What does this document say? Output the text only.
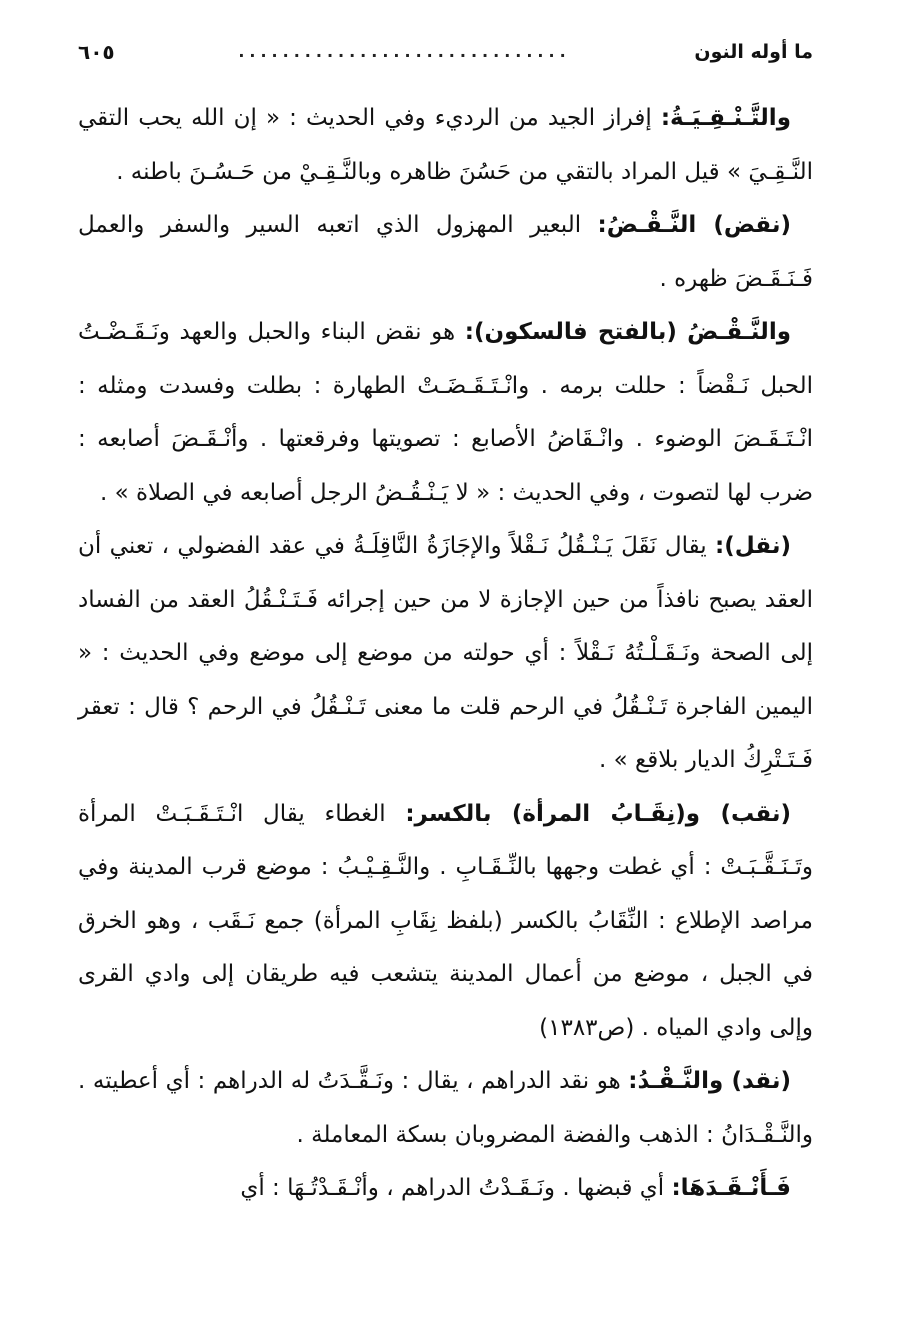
ما أوله النون
..............................
٦٠٥

والتَّـنْـقِـيَـةُ: إفراز الجيد من الرديء وفي الحديث : « إن الله يحب التقي النَّـقِـيَ » قيل المراد بالتقي من حَسُنَ ظاهره وبالنَّـقِـيْ من حَـسُـنَ باطنه .

(نقض) النَّـقْـضُ: البعير المهزول الذي اتعبه السير والسفر والعمل فَـنَـقَـضَ ظهره .

والنَّـقْـضُ (بالفتح فالسكون): هو نقض البناء والحبل والعهد ونَـقَـضْـتُ الحبل نَـقْضاً : حللت برمه . وانْـتَـقَـضَـتْ الطهارة : بطلت وفسدت ومثله : انْـتَـقَـضَ الوضوء . وانْـقَاضُ الأصابع : تصويتها وفرقعتها . وأنْـقَـضَ أصابعه : ضرب لها لتصوت ، وفي الحديث : « لا يَـنْـقُـضُ الرجل أصابعه في الصلاة » .

(نقل): يقال نَقَلَ يَـنْـقُلُ نَـقْلاً والإجَازَةُ النَّاقِلَـةُ في عقد الفضولي ، تعني أن العقد يصبح نافذاً من حين الإجازة لا من حين إجرائه فَـتَـنْـقُلُ العقد من الفساد إلى الصحة ونَـقَـلْـتُهُ نَـقْلاً : أي حولته من موضع إلى موضع وفي الحديث : « اليمين الفاجرة تَـنْـقُلُ في الرحم قلت ما معنى تَـنْـقُلُ في الرحم ؟ قال : تعقر فَـتَـتْرِكُ الديار بلاقع » .

(نقب) و(نِقَـابُ المرأة) بالكسر: الغطاء يقال انْـتَـقَـبَـتْ المرأة وتَـنَـقَّـبَـتْ : أي غطت وجهها بالنِّـقَـابِ . والنَّـقِـيْـبُ : موضع قرب المدينة وفي مراصد الإطلاع : النِّقَابُ بالكسر (بلفظ نِقَابِ المرأة) جمع نَـقَب ، وهو الخرق في الجبل ، موضع من أعمال المدينة يتشعب فيه طريقان إلى وادي القرى وإلى وادي المياه . (ص١٣٨٣)

(نقد) والنَّـقْـدُ: هو نقد الدراهم ، يقال : ونَـقَّـدَتُ له الدراهم : أي أعطيته . والنَّـقْـدَانُ : الذهب والفضة المضروبان بسكة المعاملة .

فَـأَنْـقَـدَهَا: أي قبضها . ونَـقَـدْتُ الدراهم ، وأنْـقَـدْتُـهَا : أي
